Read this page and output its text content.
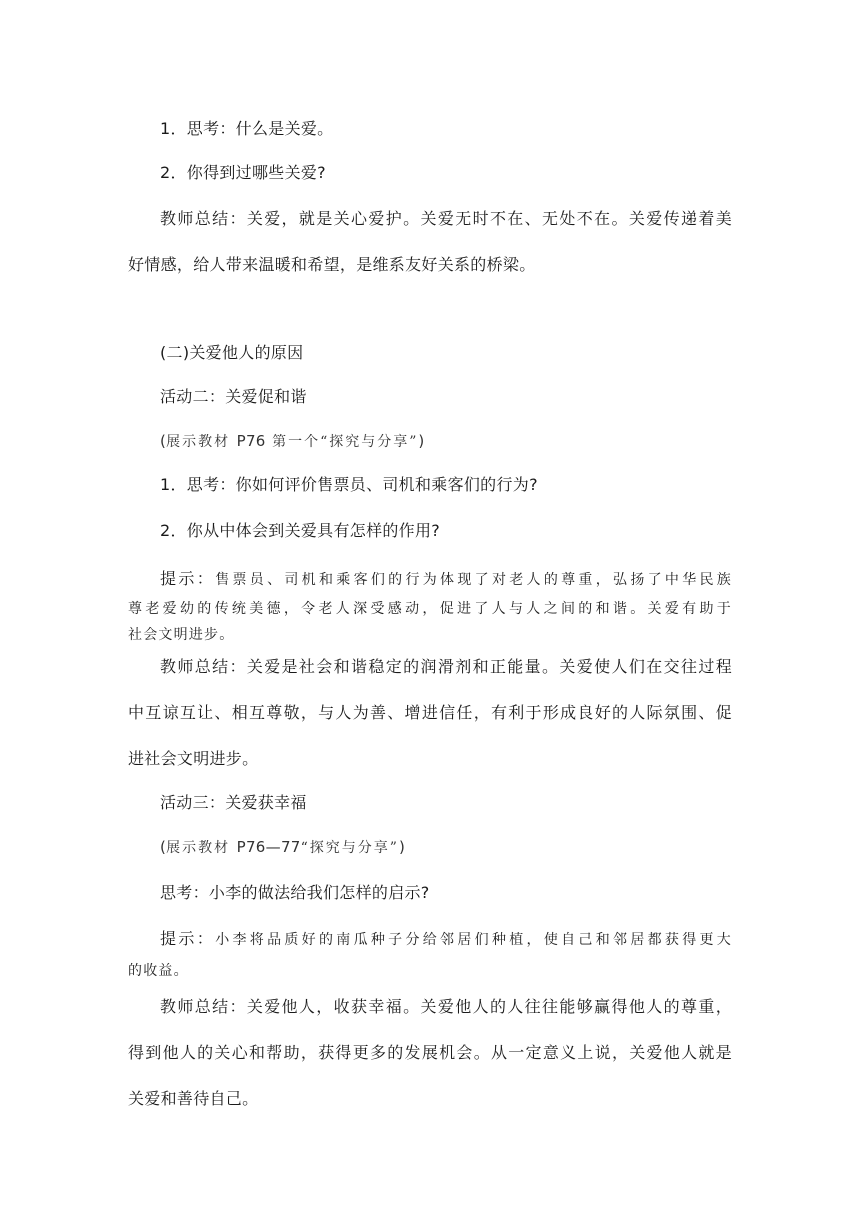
1．思考：什么是关爱。

2．你得到过哪些关爱?

教师总结：关爱，就是关心爱护。关爱无时不在、无处不在。关爱传递着美

好情感，给人带来温暖和希望，是维系友好关系的桥梁。

(二)关爱他人的原因

活动二：关爱促和谐

(展示教材 P76 第一个“探究与分享”)

1．思考：你如何评价售票员、司机和乘客们的行为?

2．你从中体会到关爱具有怎样的作用?

提示：售票员、司机和乘客们的行为体现了对老人的尊重，弘扬了中华民族

尊老爱幼的传统美德，令老人深受感动，促进了人与人之间的和谐。关爱有助于

社会文明进步。

教师总结：关爱是社会和谐稳定的润滑剂和正能量。关爱使人们在交往过程

中互谅互让、相互尊敬，与人为善、增进信任，有利于形成良好的人际氛围、促

进社会文明进步。

活动三：关爱获幸福

(展示教材 P76—77“探究与分享”)

思考：小李的做法给我们怎样的启示?

提示：小李将品质好的南瓜种子分给邻居们种植，使自己和邻居都获得更大

的收益。

教师总结：关爱他人，收获幸福。关爱他人的人往往能够赢得他人的尊重，

得到他人的关心和帮助，获得更多的发展机会。从一定意义上说，关爱他人就是

关爱和善待自己。
